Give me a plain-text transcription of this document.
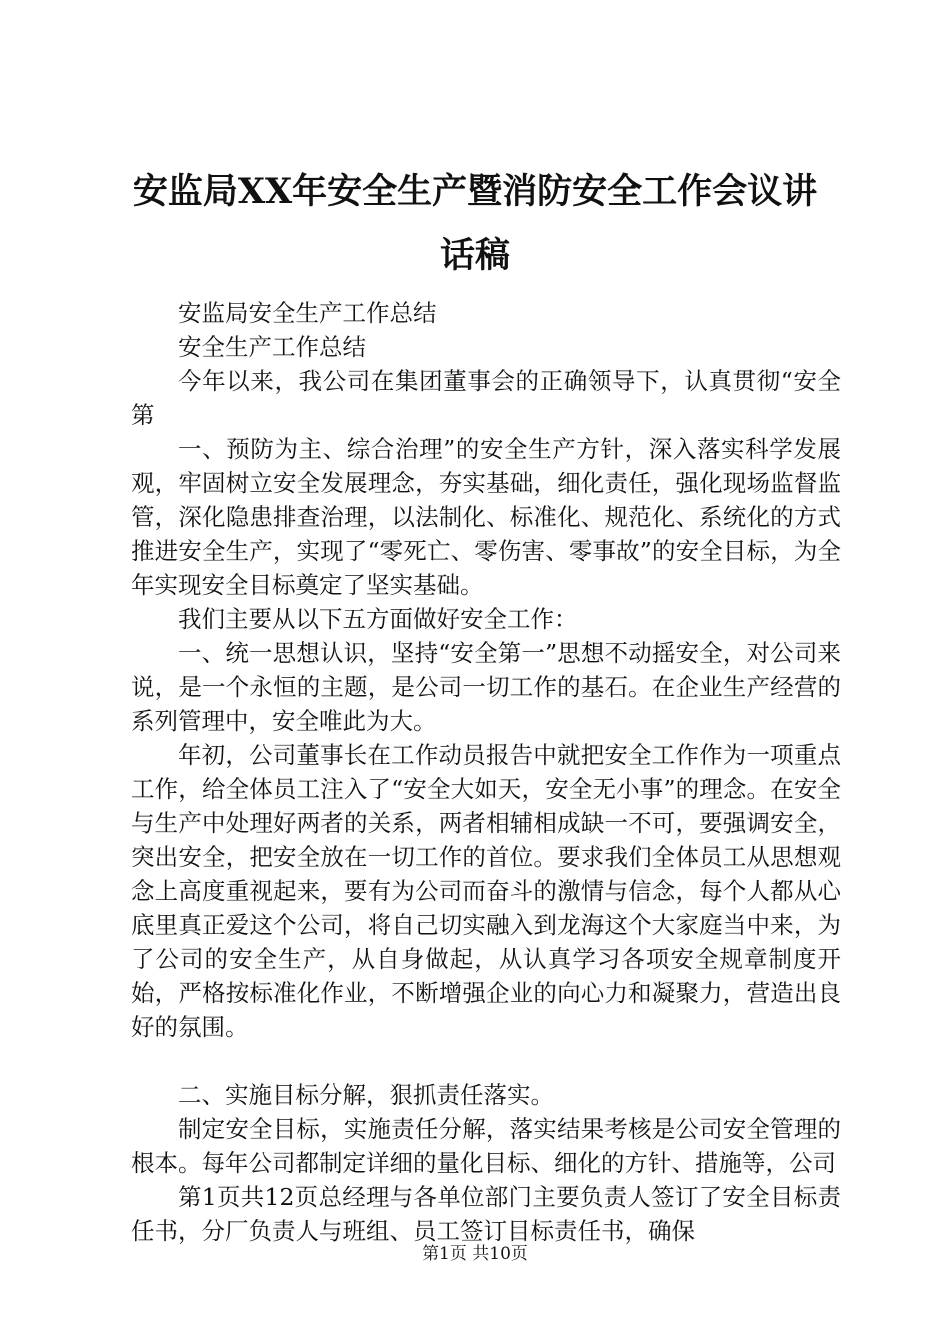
安监局XX年安全生产暨消防安全工作会议讲话稿

安监局安全生产工作总结

安全生产工作总结

今年以来，我公司在集团董事会的正确领导下，认真贯彻“安全第

一、预防为主、综合治理”的安全生产方针，深入落实科学发展观，牢固树立安全发展理念，夯实基础，细化责任，强化现场监督监管，深化隐患排查治理，以法制化、标准化、规范化、系统化的方式推进安全生产，实现了“零死亡、零伤害、零事故”的安全目标，为全年实现安全目标奠定了坚实基础。

我们主要从以下五方面做好安全工作：

一、统一思想认识，坚持“安全第一”思想不动摇安全，对公司来说，是一个永恒的主题，是公司一切工作的基石。在企业生产经营的系列管理中，安全唯此为大。

年初，公司董事长在工作动员报告中就把安全工作作为一项重点工作，给全体员工注入了“安全大如天，安全无小事”的理念。在安全与生产中处理好两者的关系，两者相辅相成缺一不可，要强调安全，突出安全，把安全放在一切工作的首位。要求我们全体员工从思想观念上高度重视起来，要有为公司而奋斗的激情与信念，每个人都从心底里真正爱这个公司，将自己切实融入到龙海这个大家庭当中来，为了公司的安全生产，从自身做起，从认真学习各项安全规章制度开始，严格按标准化作业，不断增强企业的向心力和凝聚力，营造出良好的氛围。

二、实施目标分解，狠抓责任落实。

制定安全目标，实施责任分解，落实结果考核是公司安全管理的根本。每年公司都制定详细的量化目标、细化的方针、措施等，公司

第1页共12页总经理与各单位部门主要负责人签订了安全目标责任书，分厂负责人与班组、员工签订目标责任书，确保

第1页 共10页
